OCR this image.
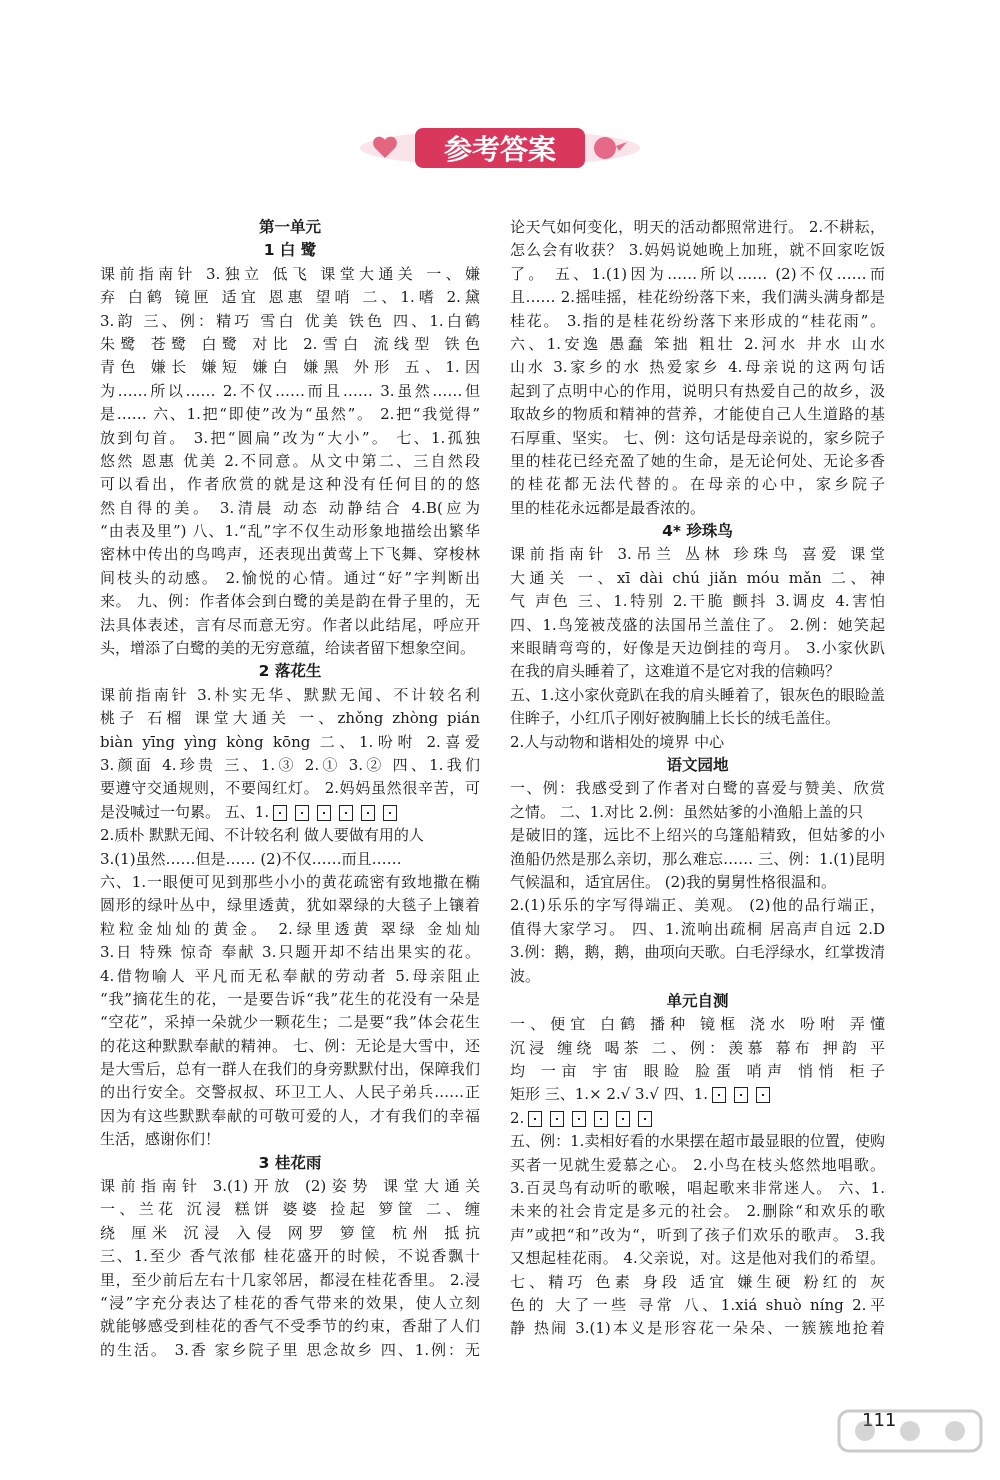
参考答案
第一单元
1 白 鹭
课前指南针 3.独立 低飞 课堂大通关 一、嫌
弃 白鹤 镜匣 适宜 恩惠 望哨 二、1.嗜 2.黛
3.韵 三、例：精巧 雪白 优美 铁色 四、1.白鹤
朱鹭 苍鹭 白鹭 对比 2.雪白 流线型 铁色
青色 嫌长 嫌短 嫌白 嫌黑 外形 五、1.因
为……所以…… 2.不仅……而且…… 3.虽然……但
是…… 六、1.把“即使”改为“虽然”。 2.把“我觉得”
放到句首。 3.把“圆扁”改为“大小”。 七、1.孤独
悠然 恩惠 优美 2.不同意。从文中第二、三自然段
可以看出，作者欣赏的就是这种没有任何目的的悠
然自得的美。 3.清晨 动态 动静结合 4.B(应为
“由表及里”) 八、1.“乱”字不仅生动形象地描绘出繁华
密林中传出的鸟鸣声，还表现出黄莺上下飞舞、穿梭林
间枝头的动感。 2.愉悦的心情。通过“好”字判断出
来。 九、例：作者体会到白鹭的美是韵在骨子里的，无
法具体表述，言有尽而意无穷。作者以此结尾，呼应开
头，增添了白鹭的美的无穷意蕴，给读者留下想象空间。
2 落花生
课前指南针 3.朴实无华、默默无闻、不计较名利
桃子 石榴 课堂大通关 一、zhǒng zhòng pián
biàn yīng yìng kòng kōng 二、1.吩咐 2.喜爱
3.颜面 4.珍贵 三、1.③ 2.① 3.② 四、1.我们
要遵守交通规则，不要闯红灯。 2.妈妈虽然很辛苦，可
是没喊过一句累。 五、1.
2.质朴 默默无闻、不计较名利 做人要做有用的人
3.(1)虽然……但是…… (2)不仅……而且……
六、1.一眼便可见到那些小小的黄花疏密有致地撒在椭
圆形的绿叶丛中，绿里透黄，犹如翠绿的大毯子上镶着
粒粒金灿灿的黄金。 2.绿里透黄 翠绿 金灿灿
3.日 特殊 惊奇 奉献 3.只题开却不结出果实的花。
4.借物喻人 平凡而无私奉献的劳动者 5.母亲阻止
“我”摘花生的花，一是要告诉“我”花生的花没有一朵是
“空花”，采掉一朵就少一颗花生；二是要“我”体会花生
的花这种默默奉献的精神。 七、例：无论是大雪中，还
是大雪后，总有一群人在我们的身旁默默付出，保障我们
的出行安全。交警叔叔、环卫工人、人民子弟兵……正
因为有这些默默奉献的可敬可爱的人，才有我们的幸福
生活，感谢你们！
3 桂花雨
课前指南针 3.(1)开放 (2)姿势 课堂大通关
一、兰花 沉浸 糕饼 婆婆 捡起 箩筐 二、缠
绕 厘米 沉浸 入侵 网罗 箩筐 杭州 抵抗
三、1.至少 香气浓郁 桂花盛开的时候，不说香飘十
里，至少前后左右十几家邻居，都浸在桂花香里。 2.浸
“浸”字充分表达了桂花的香气带来的效果，使人立刻
就能够感受到桂花的香气不受季节的约束，香甜了人们
的生活。 3.香 家乡院子里 思念故乡 四、1.例：无
论天气如何变化，明天的活动都照常进行。 2.不耕耘，
怎么会有收获？ 3.妈妈说她晚上加班，就不回家吃饭
了。 五、1.(1)因为……所以…… (2)不仅……而
且…… 2.摇哇摇，桂花纷纷落下来，我们满头满身都是
桂花。 3.指的是桂花纷纷落下来形成的“桂花雨”。
六、1.安逸 愚蠢 笨拙 粗壮 2.河水 井水 山水
山水 3.家乡的水 热爱家乡 4.母亲说的这两句话
起到了点明中心的作用，说明只有热爱自己的故乡，汲
取故乡的物质和精神的营养，才能使自己人生道路的基
石厚重、坚实。 七、例：这句话是母亲说的，家乡院子
里的桂花已经充盈了她的生命，是无论何处、无论多香
的桂花都无法代替的。在母亲的心中，家乡院子
里的桂花永远都是最香浓的。
4* 珍珠鸟
课前指南针 3.吊兰 丛林 珍珠鸟 喜爱 课堂
大通关 一、xī dài chú jiǎn móu mǎn 二、神
气 声色 三、1.特别 2.干脆 颤抖 3.调皮 4.害怕
四、1.鸟笼被茂盛的法国吊兰盖住了。 2.例：她笑起
来眼睛弯弯的，好像是天边倒挂的弯月。 3.小家伙趴
在我的肩头睡着了，这难道不是它对我的信赖吗？
五、1.这小家伙竟趴在我的肩头睡着了，银灰色的眼睑盖
住眸子，小红爪子刚好被胸脯上长长的绒毛盖住。
2.人与动物和谐相处的境界 中心
语文园地
一、例：我感受到了作者对白鹭的喜爱与赞美、欣赏
之情。 二、1.对比 2.例：虽然姑爹的小渔船上盖的只
是破旧的篷，远比不上绍兴的乌篷船精致，但姑爹的小
渔船仍然是那么亲切，那么难忘…… 三、例：1.(1)昆明
气候温和，适宜居住。 (2)我的舅舅性格很温和。
2.(1)乐乐的字写得端正、美观。 (2)他的品行端正，
值得大家学习。 四、1.流响出疏桐 居高声自远 2.D
3.例：鹅，鹅，鹅，曲项向天歌。白毛浮绿水，红掌拨清
波。
单元自测
一、便宜 白鹤 播种 镜框 浇水 吩咐 弄懂
沉浸 缠绕 喝茶 二、例：羡慕 幕布 押韵 平
均 一亩 宇宙 眼睑 脸蛋 哨声 悄悄 柜子
矩形 三、1.× 2.√ 3.√ 四、1.
2.
五、例：1.卖相好看的水果摆在超市最显眼的位置，使购
买者一见就生爱慕之心。 2.小鸟在枝头悠然地唱歌。
3.百灵鸟有动听的歌喉，唱起歌来非常迷人。 六、1.
未来的社会肯定是多元的社会。 2.删除“和欢乐的歌
声”或把“和”改为“，听到了孩子们欢乐的歌声。 3.我
又想起桂花雨。 4.父亲说，对。这是他对我们的希望。
七、精巧 色素 身段 适宜 嫌生硬 粉红的 灰
色的 大了一些 寻常 八、1.xiá shuò níng 2.平
静 热闹 3.(1)本义是形容花一朵朵、一簇簇地抢着
111
